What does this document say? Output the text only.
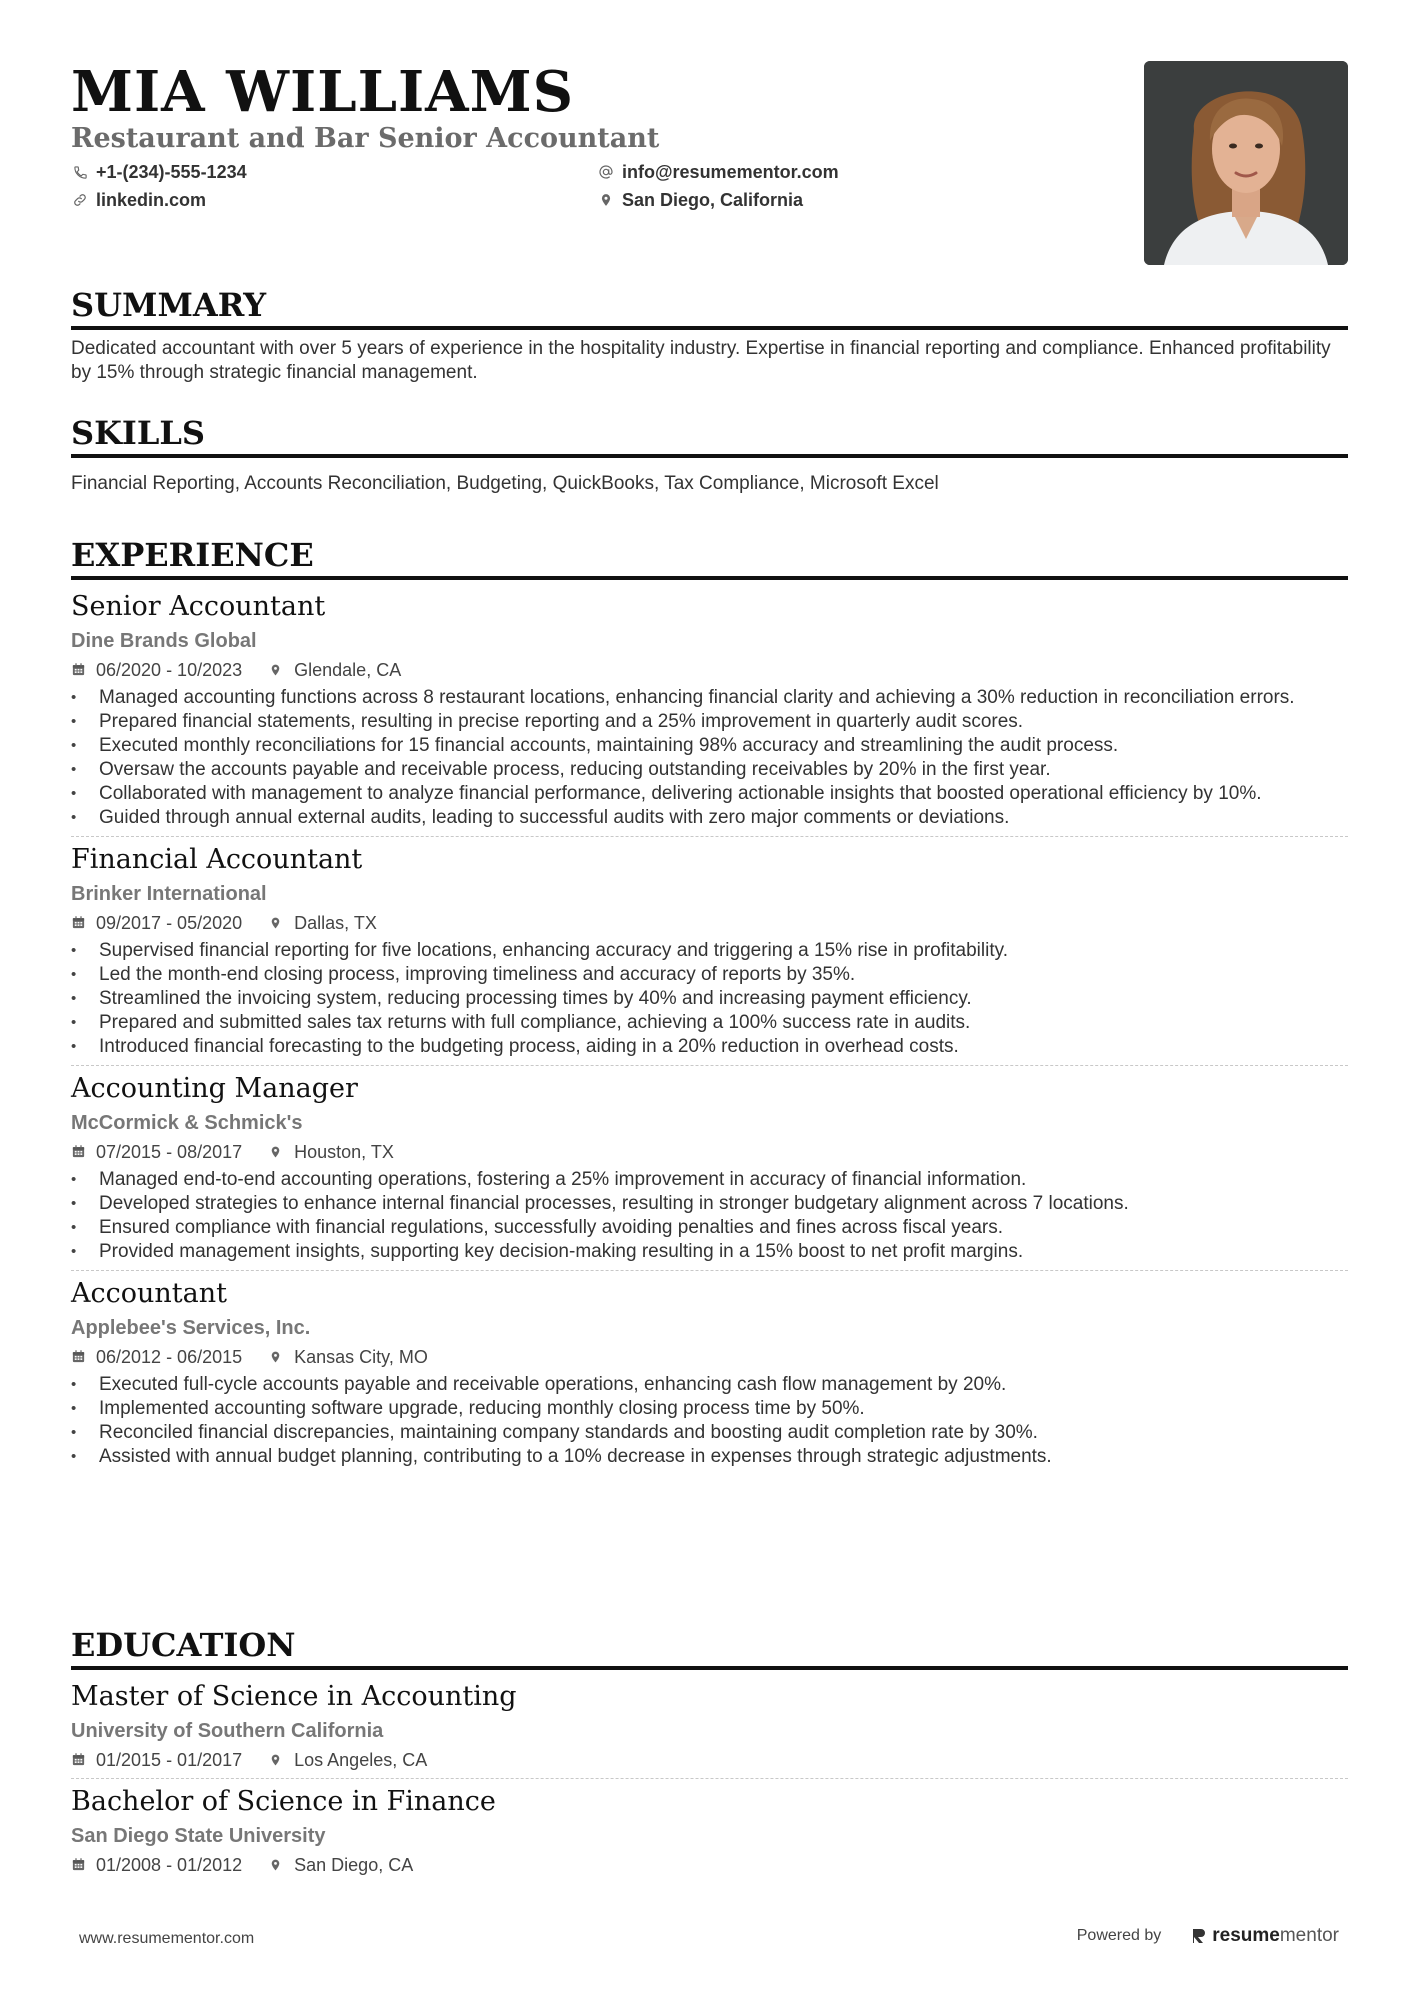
MIA WILLIAMS
Restaurant and Bar Senior Accountant
+1-(234)-555-1234	info@resumementor.com
linkedin.com	San Diego, California
SUMMARY
Dedicated accountant with over 5 years of experience in the hospitality industry. Expertise in financial reporting and compliance. Enhanced profitability by 15% through strategic financial management.
SKILLS
Financial Reporting, Accounts Reconciliation, Budgeting, QuickBooks, Tax Compliance, Microsoft Excel
EXPERIENCE
Senior Accountant
Dine Brands Global
06/2020 - 10/2023	Glendale, CA
• Managed accounting functions across 8 restaurant locations, enhancing financial clarity and achieving a 30% reduction in reconciliation errors.
• Prepared financial statements, resulting in precise reporting and a 25% improvement in quarterly audit scores.
• Executed monthly reconciliations for 15 financial accounts, maintaining 98% accuracy and streamlining the audit process.
• Oversaw the accounts payable and receivable process, reducing outstanding receivables by 20% in the first year.
• Collaborated with management to analyze financial performance, delivering actionable insights that boosted operational efficiency by 10%.
• Guided through annual external audits, leading to successful audits with zero major comments or deviations.
Financial Accountant
Brinker International
09/2017 - 05/2020	Dallas, TX
• Supervised financial reporting for five locations, enhancing accuracy and triggering a 15% rise in profitability.
• Led the month-end closing process, improving timeliness and accuracy of reports by 35%.
• Streamlined the invoicing system, reducing processing times by 40% and increasing payment efficiency.
• Prepared and submitted sales tax returns with full compliance, achieving a 100% success rate in audits.
• Introduced financial forecasting to the budgeting process, aiding in a 20% reduction in overhead costs.
Accounting Manager
McCormick & Schmick's
07/2015 - 08/2017	Houston, TX
• Managed end-to-end accounting operations, fostering a 25% improvement in accuracy of financial information.
• Developed strategies to enhance internal financial processes, resulting in stronger budgetary alignment across 7 locations.
• Ensured compliance with financial regulations, successfully avoiding penalties and fines across fiscal years.
• Provided management insights, supporting key decision-making resulting in a 15% boost to net profit margins.
Accountant
Applebee's Services, Inc.
06/2012 - 06/2015	Kansas City, MO
• Executed full-cycle accounts payable and receivable operations, enhancing cash flow management by 20%.
• Implemented accounting software upgrade, reducing monthly closing process time by 50%.
• Reconciled financial discrepancies, maintaining company standards and boosting audit completion rate by 30%.
• Assisted with annual budget planning, contributing to a 10% decrease in expenses through strategic adjustments.
EDUCATION
Master of Science in Accounting
University of Southern California
01/2015 - 01/2017	Los Angeles, CA
Bachelor of Science in Finance
San Diego State University
01/2008 - 01/2012	San Diego, CA
www.resumementor.com	Powered by	resume mentor
